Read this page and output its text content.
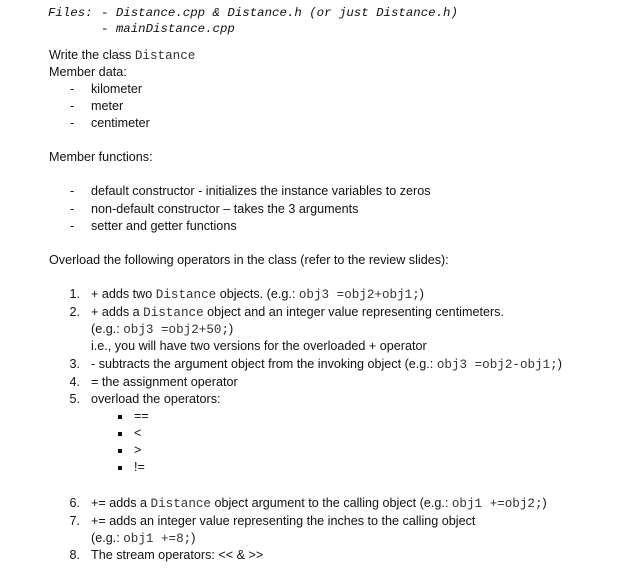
Files: - Distance.cpp & Distance.h (or just Distance.h)
- mainDistance.cpp
Write the class Distance
Member data:
- kilometer
- meter
- centimeter
Member functions:
- default constructor - initializes the instance variables to zeros
- non-default constructor – takes the 3 arguments
- setter and getter functions
Overload the following operators in the class (refer to the review slides):
1. + adds two Distance objects. (e.g.: obj3 =obj2+obj1;)
2. + adds a Distance object and an integer value representing centimeters.
(e.g.: obj3 =obj2+50;)
i.e., you will have two versions for the overloaded + operator
3. - subtracts the argument object from the invoking object (e.g.: obj3 =obj2-obj1;)
4. = the assignment operator
5. overload the operators:
==
<
>
!=
6. += adds a Distance object argument to the calling object (e.g.: obj1 +=obj2;)
7. += adds an integer value representing the inches to the calling object
(e.g.: obj1 +=8;)
8. The stream operators: << & >>
